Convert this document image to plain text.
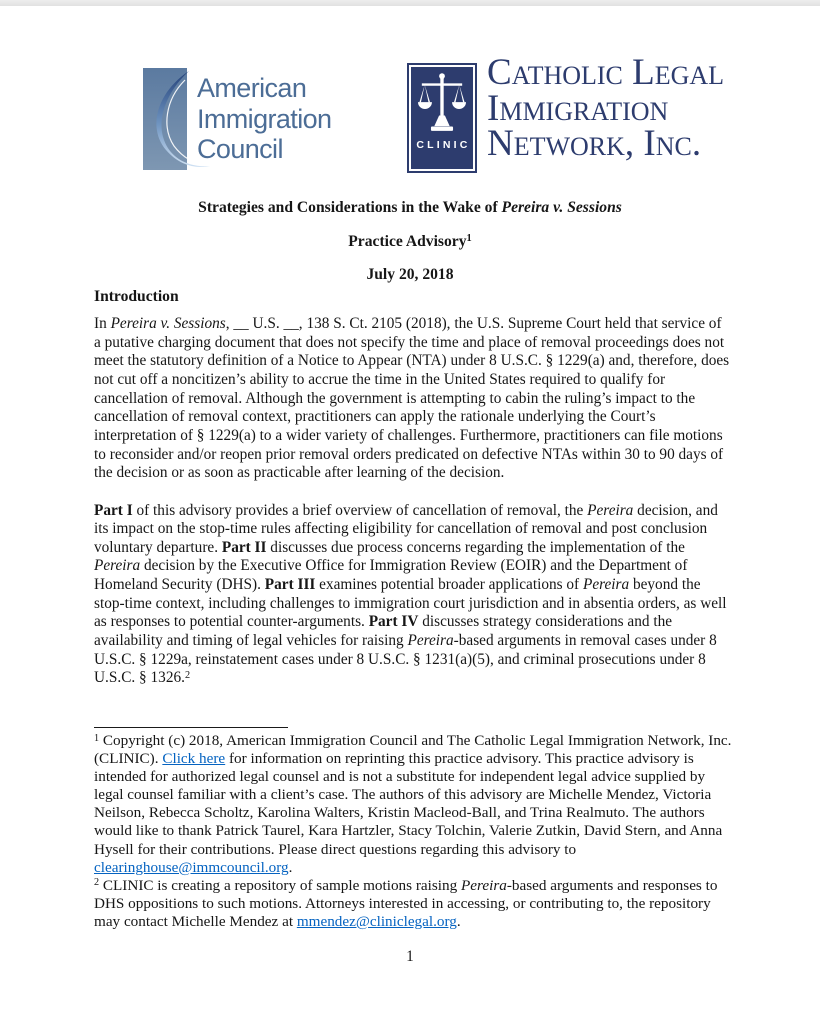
American
Immigration
Council	CLINIC
Catholic Legal
Immigration
Network, Inc.
Strategies and Considerations in the Wake of Pereira v. Sessions
Practice Advisory$^1$
July 20, 2018
Introduction

In Pereira v. Sessions, __ U.S. __, 138 S. Ct. 2105 (2018), the U.S. Supreme Court held that service of a putative charging document that does not specify the time and place of removal proceedings does not meet the statutory definition of a Notice to Appear (NTA) under 8 U.S.C. § 1229(a) and, therefore, does not cut off a noncitizen’s ability to accrue the time in the United States required to qualify for cancellation of removal. Although the government is attempting to cabin the ruling’s impact to the cancellation of removal context, practitioners can apply the rationale underlying the Court’s interpretation of § 1229(a) to a wider variety of challenges. Furthermore, practitioners can file motions to reconsider and/or reopen prior removal orders predicated on defective NTAs within 30 to 90 days of the decision or as soon as practicable after learning of the decision.

Part I of this advisory provides a brief overview of cancellation of removal, the Pereira decision, and its impact on the stop-time rules affecting eligibility for cancellation of removal and post conclusion voluntary departure. Part II discusses due process concerns regarding the implementation of the Pereira decision by the Executive Office for Immigration Review (EOIR) and the Department of Homeland Security (DHS). Part III examines potential broader applications of Pereira beyond the stop-time context, including challenges to immigration court jurisdiction and in absentia orders, as well as responses to potential counter-arguments. Part IV discusses strategy considerations and the availability and timing of legal vehicles for raising Pereira-based arguments in removal cases under 8 U.S.C. § 1229a, reinstatement cases under 8 U.S.C. § 1231(a)(5), and criminal prosecutions under 8 U.S.C. § 1326.$^2$

$^1$ Copyright (c) 2018, American Immigration Council and The Catholic Legal Immigration Network, Inc. (CLINIC). Click here for information on reprinting this practice advisory. This practice advisory is intended for authorized legal counsel and is not a substitute for independent legal advice supplied by legal counsel familiar with a client’s case. The authors of this advisory are Michelle Mendez, Victoria Neilson, Rebecca Scholtz, Karolina Walters, Kristin Macleod-Ball, and Trina Realmuto. The authors would like to thank Patrick Taurel, Kara Hartzler, Stacy Tolchin, Valerie Zutkin, David Stern, and Anna Hysell for their contributions. Please direct questions regarding this advisory to clearinghouse@immcouncil.org.

$^2$ CLINIC is creating a repository of sample motions raising Pereira-based arguments and responses to DHS oppositions to such motions. Attorneys interested in accessing, or contributing to, the repository may contact Michelle Mendez at mmendez@cliniclegal.org.

1
